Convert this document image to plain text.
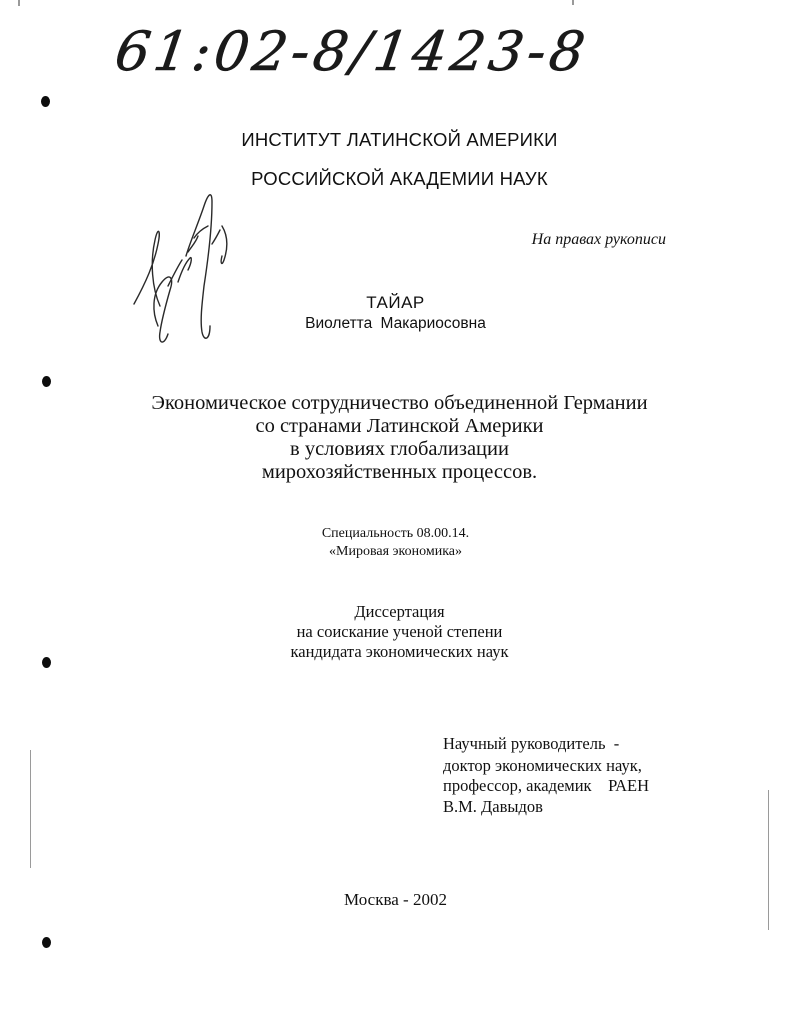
61:02-8/1423-8
ИНСТИТУТ ЛАТИНСКОЙ АМЕРИКИ
РОССИЙСКОЙ АКАДЕМИИ НАУК
На правах рукописи
ТАЙАР
Виолетта Макариосовна
Экономическое сотрудничество объединенной Германии
со странами Латинской Америки
в условиях глобализации
мирохозяйственных процессов.
Специальность 08.00.14.
«Мировая экономика»
Диссертация
на соискание ученой степени
кандидата экономических наук
Научный руководитель  -
доктор экономических наук,
профессор, академик    РАЕН
В.М. Давыдов
Москва - 2002
